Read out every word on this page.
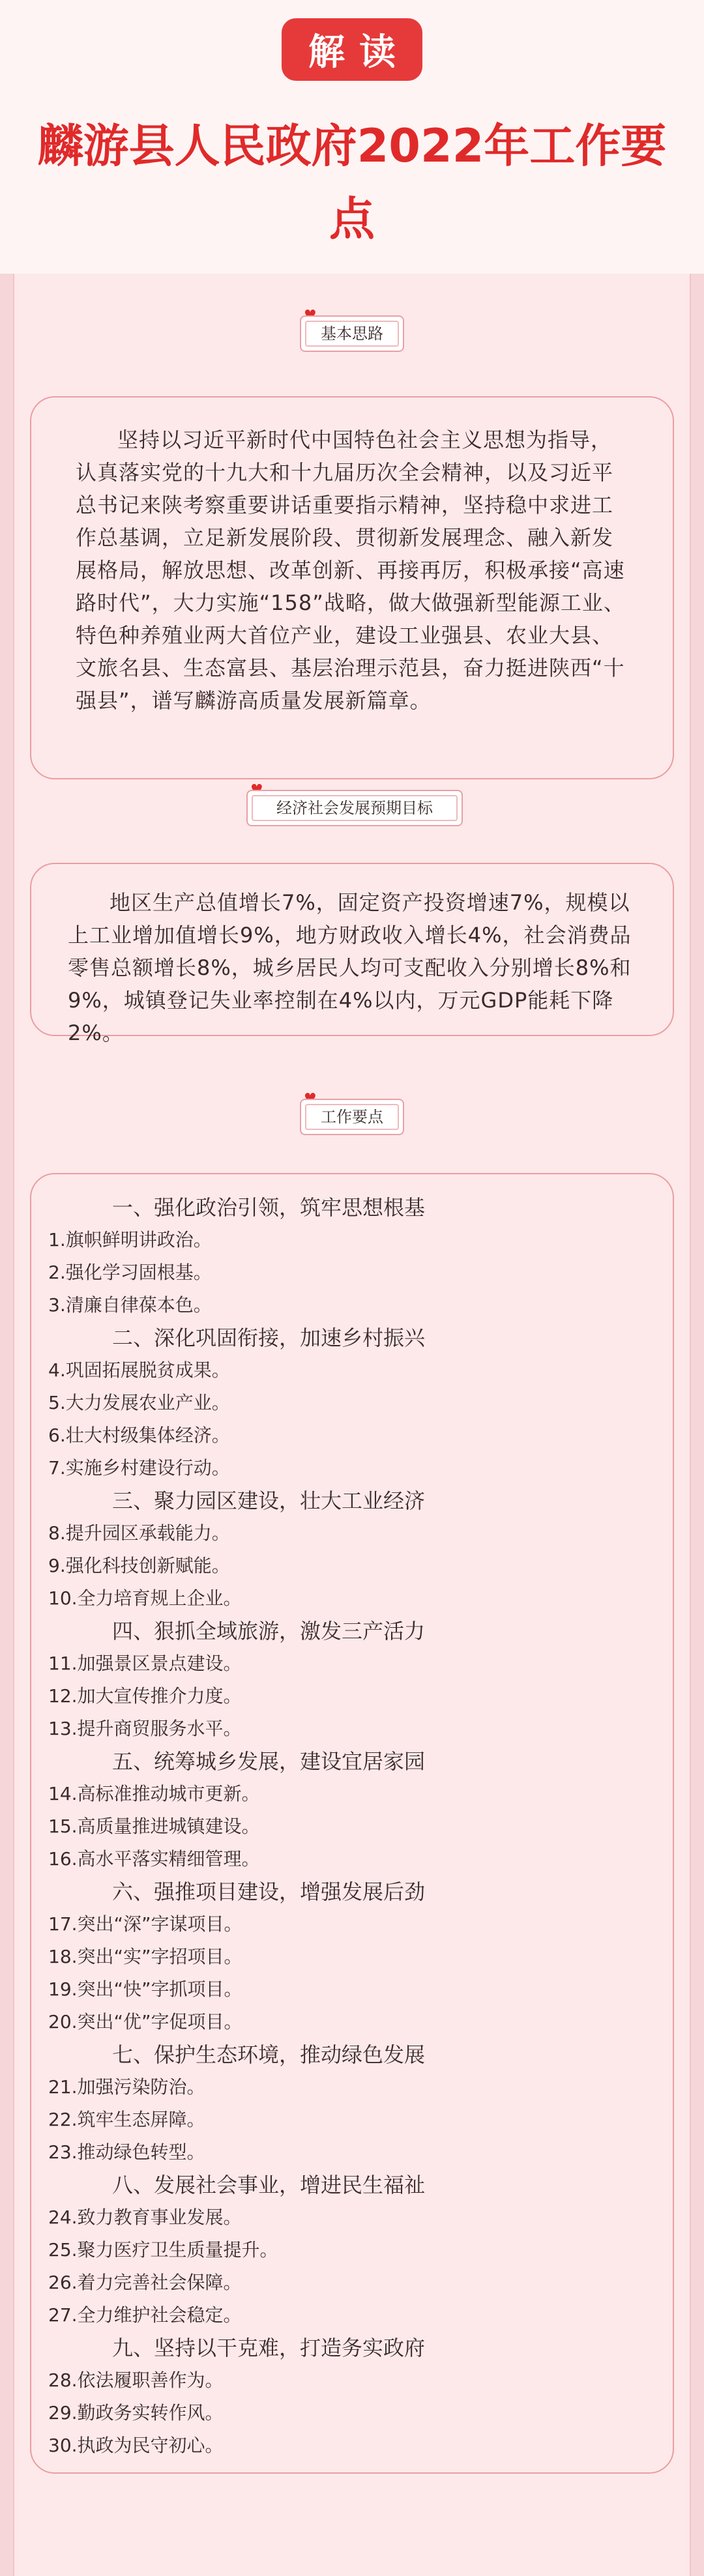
解读
麟游县人民政府2022年工作要
点
基本思路
坚持以习近平新时代中国特色社会主义思想为指导，认真落实党的十九大和十九届历次全会精神，以及习近平总书记来陕考察重要讲话重要指示精神，坚持稳中求进工作总基调，立足新发展阶段、贯彻新发展理念、融入新发展格局，解放思想、改革创新、再接再厉，积极承接“高速路时代”，大力实施“158”战略，做大做强新型能源工业、特色种养殖业两大首位产业，建设工业强县、农业大县、文旅名县、生态富县、基层治理示范县，奋力挺进陕西“十强县”，谱写麟游高质量发展新篇章。
经济社会发展预期目标
地区生产总值增长7%，固定资产投资增速7%，规模以上工业增加值增长9%，地方财政收入增长4%，社会消费品零售总额增长8%，城乡居民人均可支配收入分别增长8%和9%，城镇登记失业率控制在4%以内，万元GDP能耗下降2%。
工作要点
一、强化政治引领，筑牢思想根基
1.旗帜鲜明讲政治。
2.强化学习固根基。
3.清廉自律葆本色。
二、深化巩固衔接，加速乡村振兴
4.巩固拓展脱贫成果。
5.大力发展农业产业。
6.壮大村级集体经济。
7.实施乡村建设行动。
三、聚力园区建设，壮大工业经济
8.提升园区承载能力。
9.强化科技创新赋能。
10.全力培育规上企业。
四、狠抓全域旅游，激发三产活力
11.加强景区景点建设。
12.加大宣传推介力度。
13.提升商贸服务水平。
五、统筹城乡发展，建设宜居家园
14.高标准推动城市更新。
15.高质量推进城镇建设。
16.高水平落实精细管理。
六、强推项目建设，增强发展后劲
17.突出“深”字谋项目。
18.突出“实”字招项目。
19.突出“快”字抓项目。
20.突出“优”字促项目。
七、保护生态环境，推动绿色发展
21.加强污染防治。
22.筑牢生态屏障。
23.推动绿色转型。
八、发展社会事业，增进民生福祉
24.致力教育事业发展。
25.聚力医疗卫生质量提升。
26.着力完善社会保障。
27.全力维护社会稳定。
九、坚持以干克难，打造务实政府
28.依法履职善作为。
29.勤政务实转作风。
30.执政为民守初心。
